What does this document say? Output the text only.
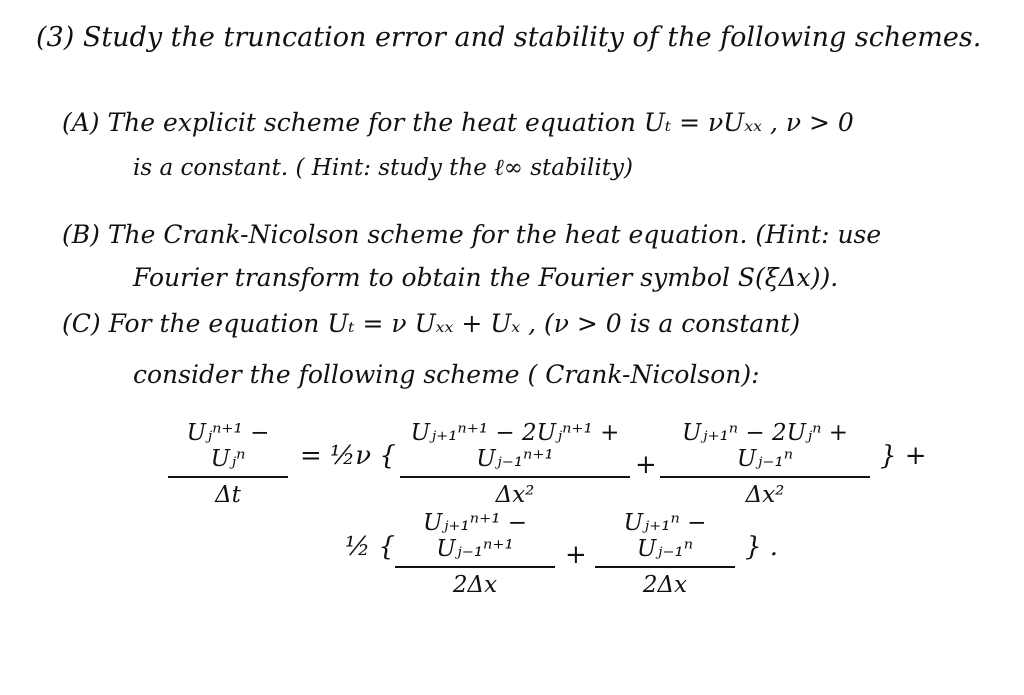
(3) Study the truncation error and stability of the following schemes.
(A) The explicit scheme for the heat equation Uₜ = νUₓₓ , ν > 0
is a constant. ( Hint: study the ℓ∞ stability)
(B) The Crank-Nicolson scheme for the heat equation. (Hint: use
Fourier transform to obtain the Fourier symbol S(ξΔx)).
(C) For the equation Uₜ = ν Uₓₓ + Uₓ , (ν > 0 is a constant)
consider the following scheme ( Crank-Nicolson):
Uⱼⁿ⁺¹ − Uⱼⁿ
Δt
= ½ν {
Uⱼ₊₁ⁿ⁺¹ − 2Uⱼⁿ⁺¹ + Uⱼ₋₁ⁿ⁺¹
Δx²
+
Uⱼ₊₁ⁿ − 2Uⱼⁿ + Uⱼ₋₁ⁿ
Δx²
} +
½ {
Uⱼ₊₁ⁿ⁺¹ − Uⱼ₋₁ⁿ⁺¹
2Δx
+
Uⱼ₊₁ⁿ − Uⱼ₋₁ⁿ
2Δx
} .
